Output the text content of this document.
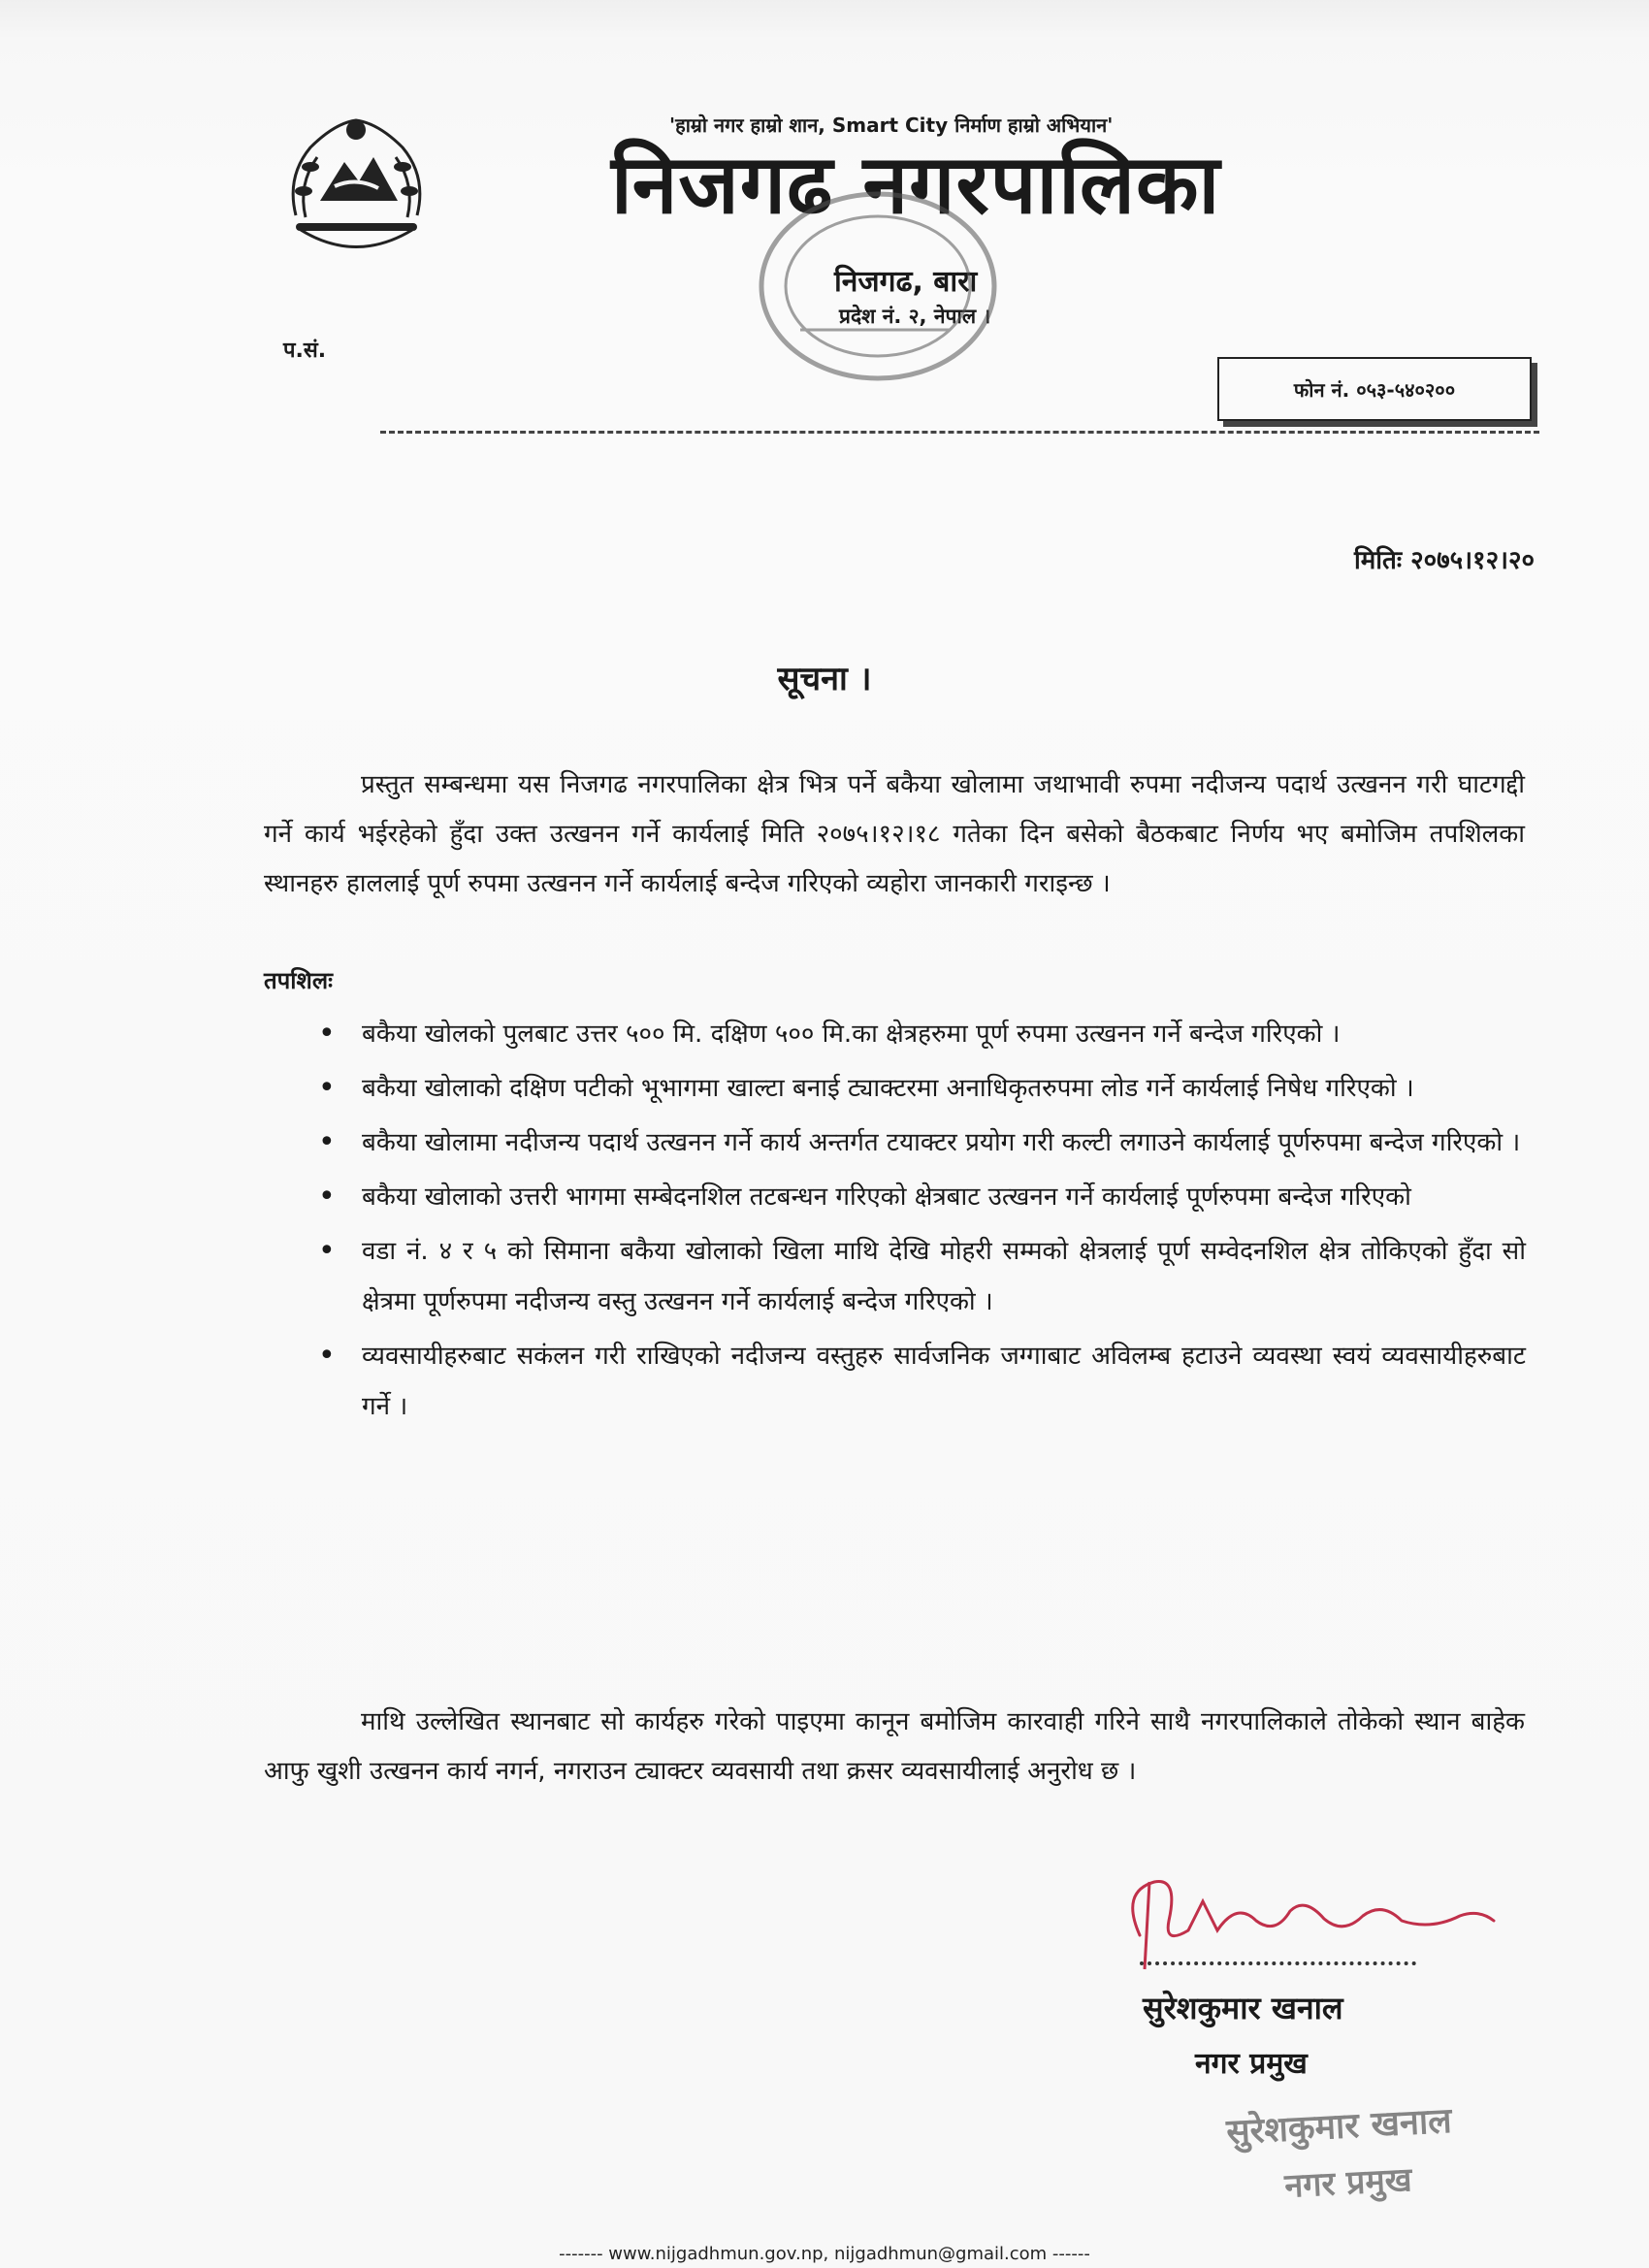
'हाम्रो नगर हाम्रो शान, Smart City निर्माण हाम्रो अभियान'
निजगढ नगरपालिका
निजगढ, बारा
प्रदेश नं. २, नेपाल ।
प.सं.
फोन नं. ०५३-५४०२००
मितिः २०७५।१२।२०
सूचना ।
प्रस्तुत सम्बन्धमा यस निजगढ नगरपालिका क्षेत्र भित्र पर्ने बकैया खोलामा जथाभावी रुपमा नदीजन्य पदार्थ उत्खनन गरी घाटगद्दी गर्ने कार्य भईरहेको हुँदा उक्त उत्खनन गर्ने कार्यलाई मिति २०७५।१२।१८ गतेका दिन बसेको बैठकबाट निर्णय भए बमोजिम तपशिलका स्थानहरु हाललाई पूर्ण रुपमा उत्खनन गर्ने कार्यलाई बन्देज गरिएको व्यहोरा जानकारी गराइन्छ ।
तपशिलः
• बकैया खोलको पुलबाट उत्तर ५०० मि. दक्षिण ५०० मि.का क्षेत्रहरुमा पूर्ण रुपमा उत्खनन गर्ने बन्देज गरिएको ।
• बकैया खोलाको दक्षिण पटीको भूभागमा खाल्टा बनाई ट्याक्टरमा अनाधिकृतरुपमा लोड गर्ने कार्यलाई निषेध गरिएको ।
• बकैया खोलामा नदीजन्य पदार्थ उत्खनन गर्ने कार्य अन्तर्गत टयाक्टर प्रयोग गरी कल्टी लगाउने कार्यलाई पूर्णरुपमा बन्देज गरिएको ।
• बकैया खोलाको उत्तरी भागमा सम्बेदनशिल तटबन्धन गरिएको क्षेत्रबाट उत्खनन गर्ने कार्यलाई पूर्णरुपमा बन्देज गरिएको
• वडा नं. ४ र ५ को सिमाना बकैया खोलाको खिला माथि देखि मोहरी सम्मको क्षेत्रलाई पूर्ण सम्वेदनशिल क्षेत्र तोकिएको हुँदा सो क्षेत्रमा पूर्णरुपमा नदीजन्य वस्तु उत्खनन गर्ने कार्यलाई बन्देज गरिएको ।
• व्यवसायीहरुबाट सकंलन गरी राखिएको नदीजन्य वस्तुहरु सार्वजनिक जग्गाबाट अविलम्ब हटाउने व्यवस्था स्वयं व्यवसायीहरुबाट गर्ने ।
माथि उल्लेखित स्थानबाट सो कार्यहरु गरेको पाइएमा कानून बमोजिम कारवाही गरिने साथै नगरपालिकाले तोकेको स्थान बाहेक आफु खुशी उत्खनन कार्य नगर्न, नगराउन ट्याक्टर व्यवसायी तथा क्रसर व्यवसायीलाई अनुरोध छ ।
सुरेशकुमार खनाल
नगर प्रमुख
सुरेशकुमार खनाल
नगर प्रमुख
------- www.nijgadhmun.gov.np, nijgadhmun@gmail.com ------
